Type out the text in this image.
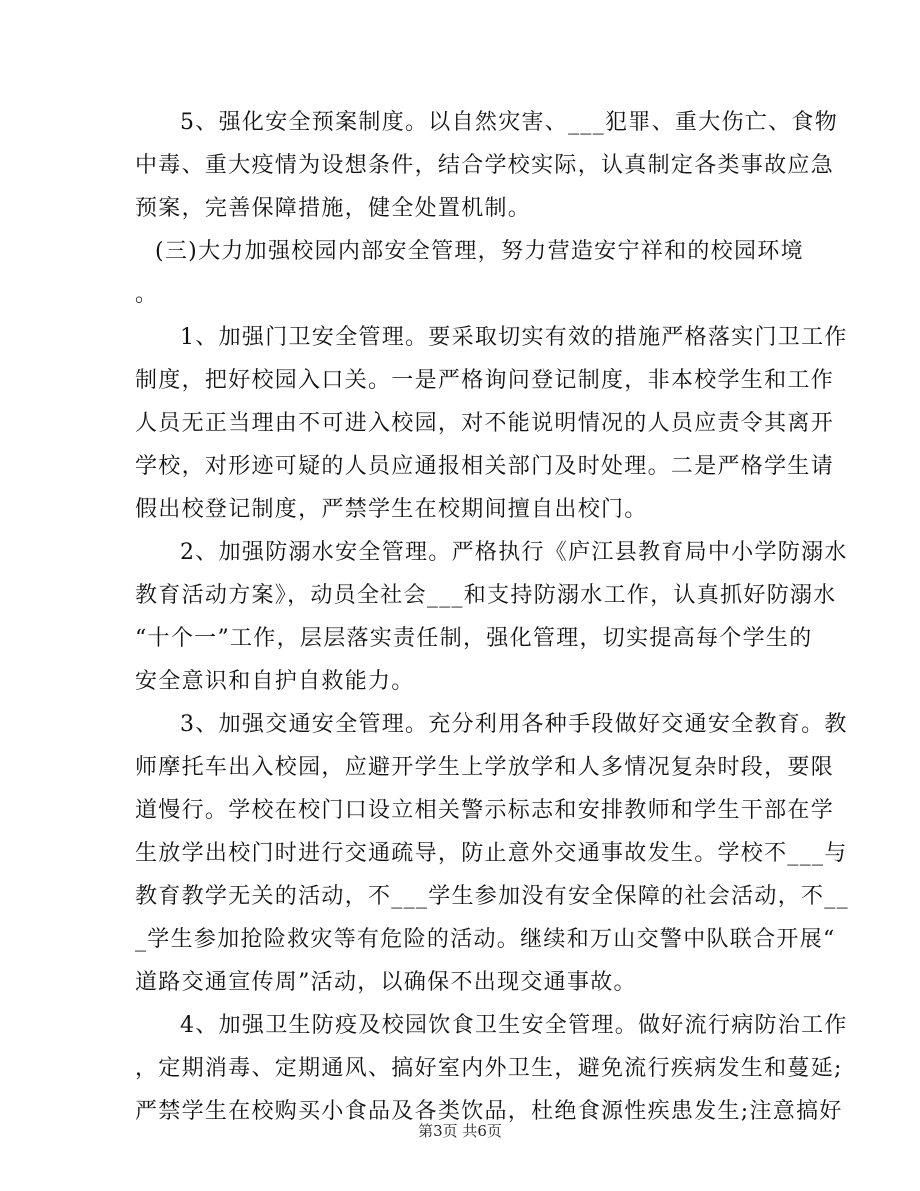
5、强化安全预案制度。以自然灾害、___犯罪、重大伤亡、食物
中毒、重大疫情为设想条件，结合学校实际，认真制定各类事故应急
预案，完善保障措施，健全处置机制。
(三)大力加强校园内部安全管理，努力营造安宁祥和的校园环境
。
1、加强门卫安全管理。要采取切实有效的措施严格落实门卫工作
制度，把好校园入口关。一是严格询问登记制度，非本校学生和工作
人员无正当理由不可进入校园，对不能说明情况的人员应责令其离开
学校，对形迹可疑的人员应通报相关部门及时处理。二是严格学生请
假出校登记制度，严禁学生在校期间擅自出校门。
2、加强防溺水安全管理。严格执行《庐江县教育局中小学防溺水
教育活动方案》，动员全社会___和支持防溺水工作，认真抓好防溺水
“十个一”工作，层层落实责任制，强化管理，切实提高每个学生的
安全意识和自护自救能力。
3、加强交通安全管理。充分利用各种手段做好交通安全教育。教
师摩托车出入校园，应避开学生上学放学和人多情况复杂时段，要限
道慢行。学校在校门口设立相关警示标志和安排教师和学生干部在学
生放学出校门时进行交通疏导，防止意外交通事故发生。学校不___与
教育教学无关的活动，不___学生参加没有安全保障的社会活动，不__
_学生参加抢险救灾等有危险的活动。继续和万山交警中队联合开展“
道路交通宣传周”活动，以确保不出现交通事故。
4、加强卫生防疫及校园饮食卫生安全管理。做好流行病防治工作
，定期消毒、定期通风、搞好室内外卫生，避免流行疾病发生和蔓延;
严禁学生在校购买小食品及各类饮品，杜绝食源性疾患发生;注意搞好
第3页 共6页
